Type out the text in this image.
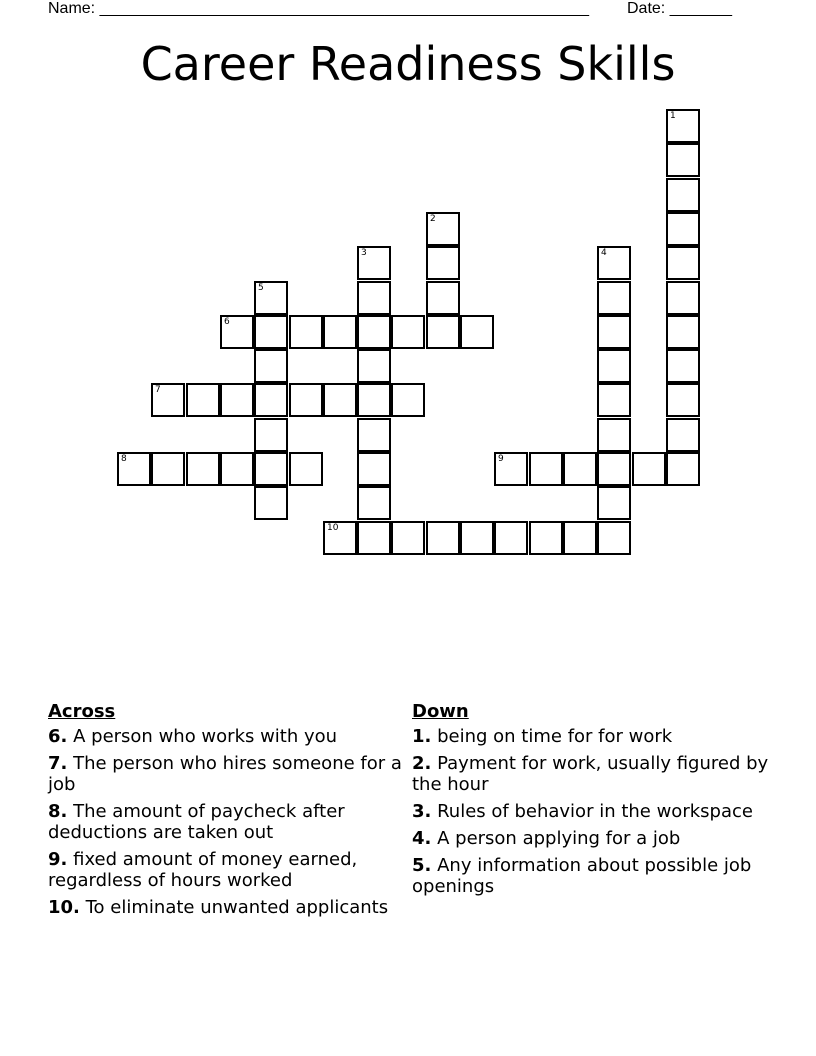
Name: _______________________________________________________ Date: _______
Career Readiness Skills
1
2
3	4
5
6
7
8	9
10
Across
6. A person who works with you
7. The person who hires someone for a job
8. The amount of paycheck after deductions are taken out
9. fixed amount of money earned, regardless of hours worked
10. To eliminate unwanted applicants
Down
1. being on time for for work
2. Payment for work, usually figured by the hour
3. Rules of behavior in the workspace
4. A person applying for a job
5. Any information about possible job openings
